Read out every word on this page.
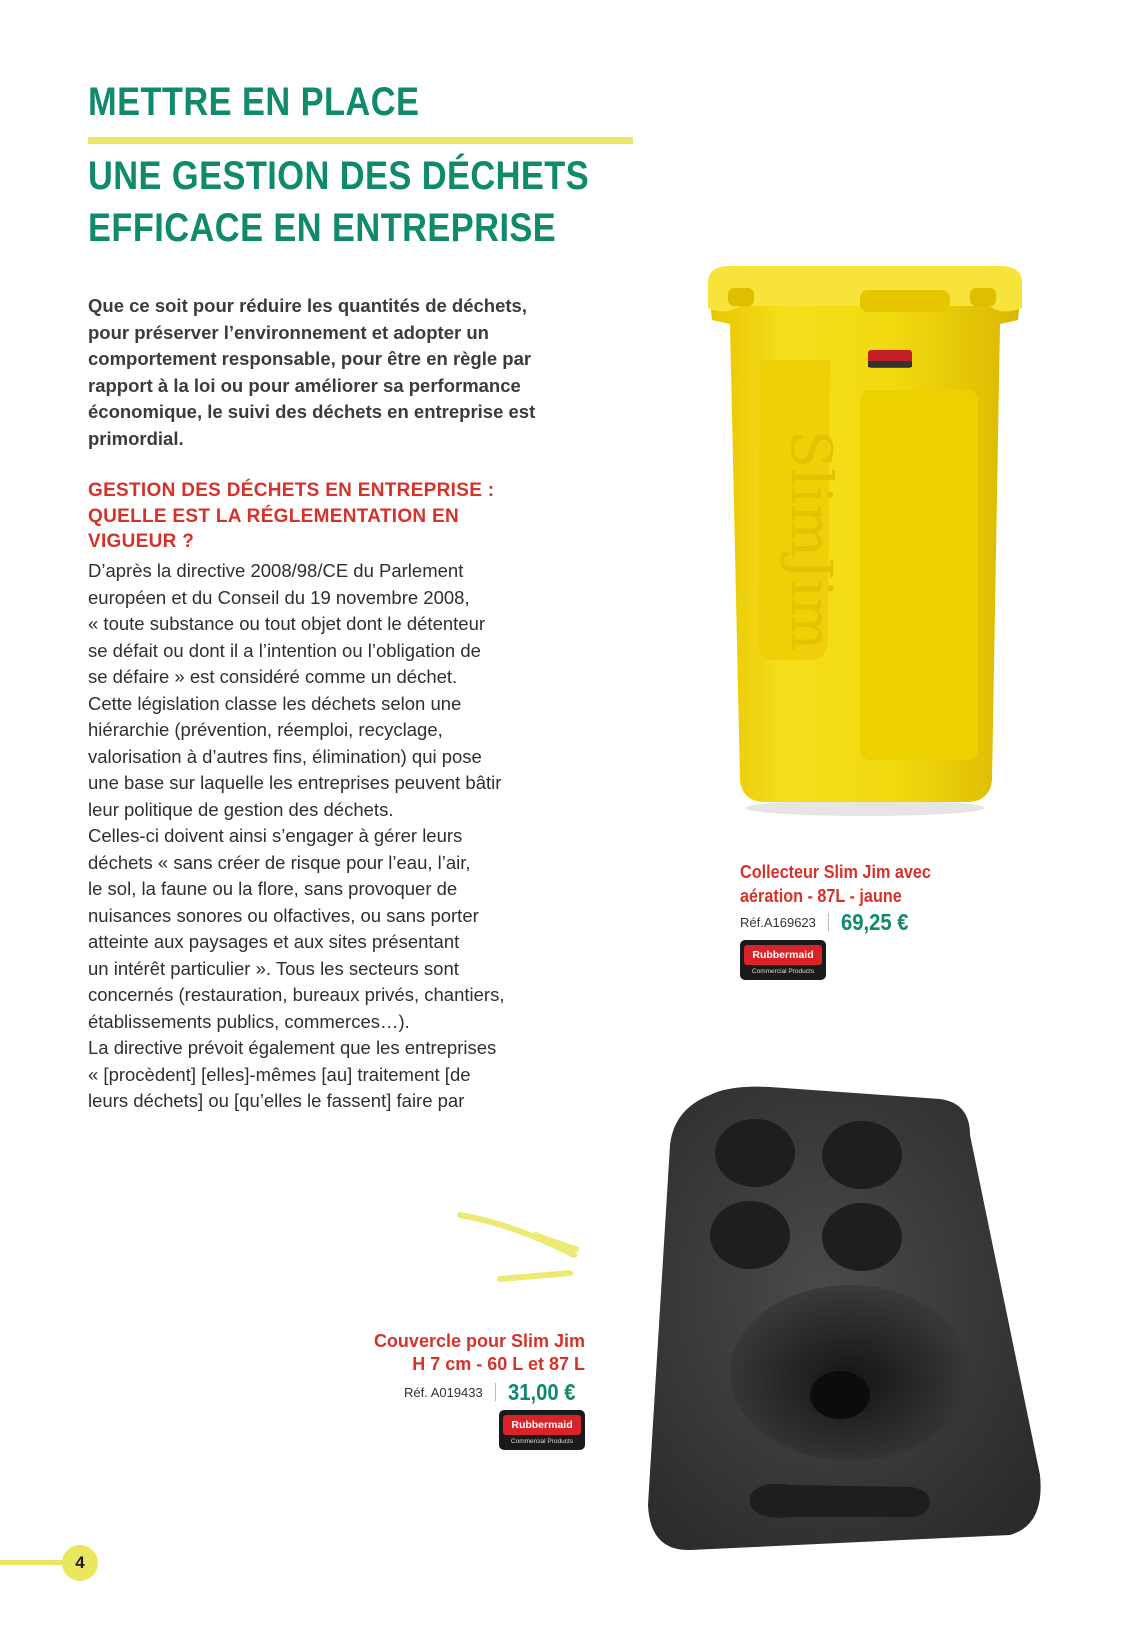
METTRE EN PLACE
UNE GESTION DES DÉCHETS
EFFICACE EN ENTREPRISE

Que ce soit pour réduire les quantités de déchets, pour préserver l’environnement et adopter un comportement responsable, pour être en règle par rapport à la loi ou pour améliorer sa performance économique, le suivi des déchets en entreprise est primordial.

GESTION DES DÉCHETS EN ENTREPRISE :
QUELLE EST LA RÉGLEMENTATION EN
VIGUEUR ?
D’après la directive 2008/98/CE du Parlement
européen et du Conseil du 19 novembre 2008,
« toute substance ou tout objet dont le détenteur
se défait ou dont il a l’intention ou l’obligation de
se défaire » est considéré comme un déchet.
Cette législation classe les déchets selon une
hiérarchie (prévention, réemploi, recyclage,
valorisation à d’autres fins, élimination) qui pose
une base sur laquelle les entreprises peuvent bâtir
leur politique de gestion des déchets.
Celles-ci doivent ainsi s’engager à gérer leurs
déchets « sans créer de risque pour l’eau, l’air,
le sol, la faune ou la flore, sans provoquer de
nuisances sonores ou olfactives, ou sans porter
atteinte aux paysages et aux sites présentant
un intérêt particulier ». Tous les secteurs sont
concernés (restauration, bureaux privés, chantiers,
établissements publics, commerces…).
La directive prévoit également que les entreprises
« [procèdent] [elles]-mêmes [au] traitement [de
leurs déchets] ou [qu’elles le fassent] faire par
SlimJim

Collecteur Slim Jim avec
aération - 87L - jaune

Réf.A169623 69,25 €
Rubbermaid
Commercial Products

Couvercle pour Slim Jim
H 7 cm - 60 L et 87 L

Réf. A019433 31,00 €
Rubbermaid
Commercial Products
4
